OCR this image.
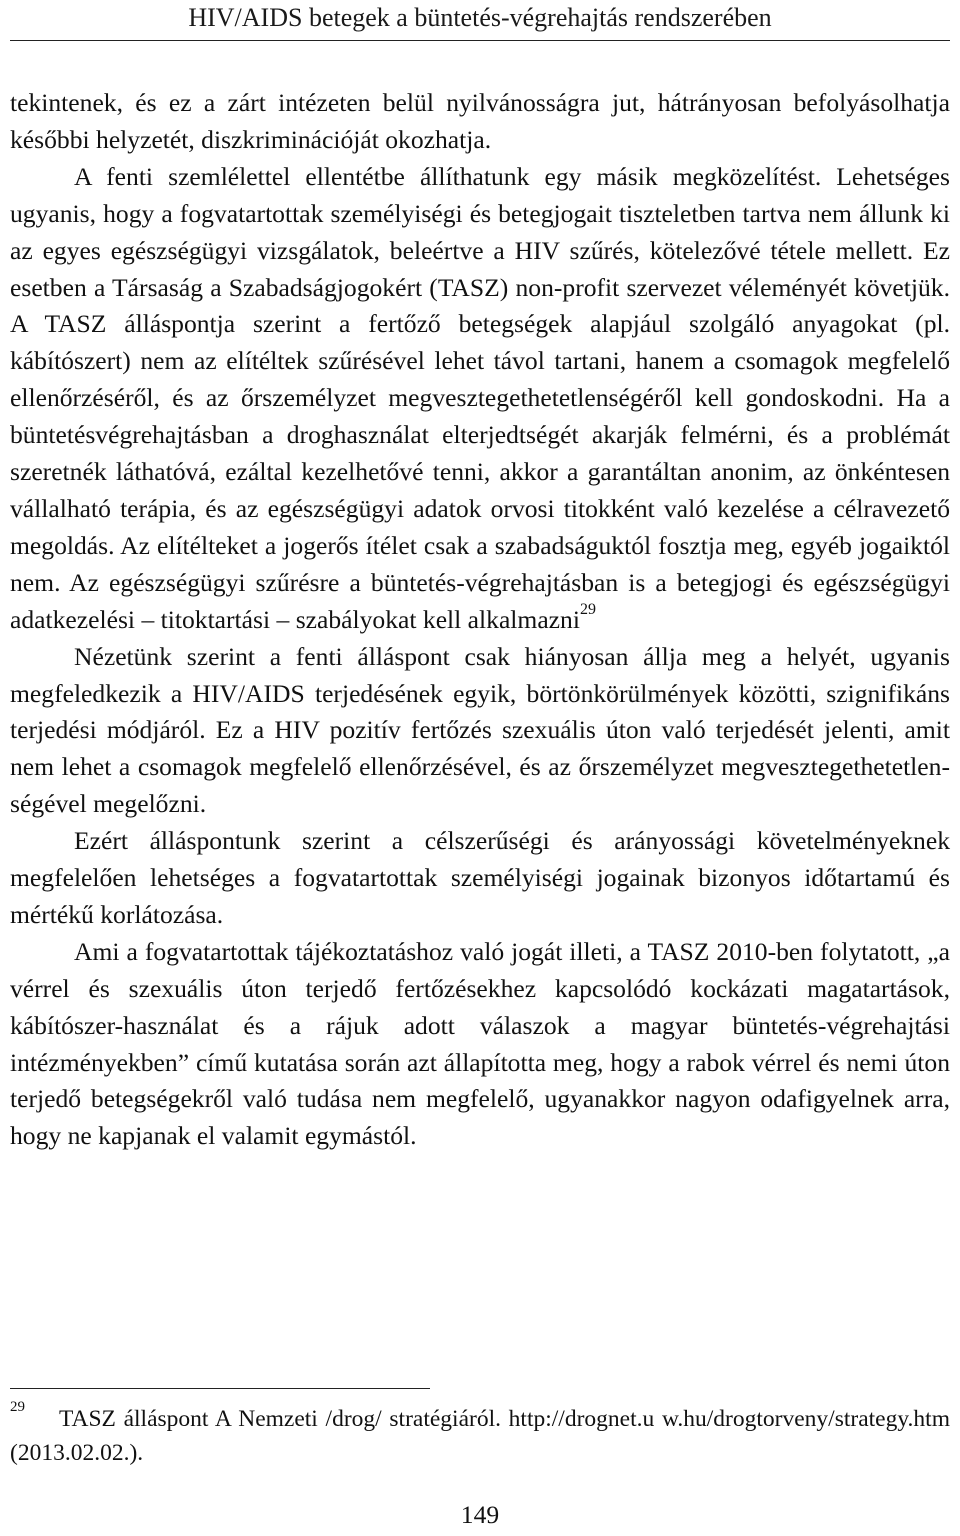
HIV/AIDS betegek a büntetés-végrehajtás rendszerében

tekintenek, és ez a zárt intézeten belül nyilvánosságra jut, hátrányosan befolyásolhatja későbbi helyzetét, diszkriminációját okozhatja.

A fenti szemlélettel ellentétbe állíthatunk egy másik megközelítést. Lehetséges ugyanis, hogy a fogvatartottak személyiségi és betegjogait tiszteletben tartva nem állunk ki az egyes egészségügyi vizsgálatok, beleértve a HIV szűrés, kötelezővé tétele mellett. Ez esetben a Társaság a Szabadságjogokért (TASZ) non-profit szervezet véleményét követjük. A TASZ álláspontja szerint a fertőző betegségek alapjául szolgáló anyagokat (pl. kábítószert) nem az elítéltek szűrésével lehet távol tartani, hanem a csomagok megfelelő ellenőrzéséről, és az őrszemélyzet megvesztegethetetlenségéről kell gondoskodni. Ha a büntetésvégrehajtásban a droghasználat elterjedtségét akarják felmérni, és a problémát szeretnék láthatóvá, ezáltal kezelhetővé tenni, akkor a garantáltan anonim, az önkéntesen vállalható terápia, és az egészségügyi adatok orvosi titokként való kezelése a célravezető megoldás. Az elítélteket a jogerős ítélet csak a szabadságuktól fosztja meg, egyéb jogaiktól nem. Az egészségügyi szűrésre a büntetés-végrehajtásban is a betegjogi és egészségügyi adatkezelési – titoktartási – szabályokat kell alkalmazni$^{29}$

Nézetünk szerint a fenti álláspont csak hiányosan állja meg a helyét, ugyanis megfeledkezik a HIV/AIDS terjedésének egyik, börtönkörülmények közötti, szignifikáns terjedési módjáról. Ez a HIV pozitív fertőzés szexuális úton való terjedését jelenti, amit nem lehet a csomagok megfelelő ellenőrzésével, és az őrszemélyzet megvesztegethetetlenségével megelőzni.

Ezért álláspontunk szerint a célszerűségi és arányossági követelményeknek megfelelően lehetséges a fogvatartottak személyiségi jogainak bizonyos időtartamú és mértékű korlátozása.

Ami a fogvatartottak tájékoztatáshoz való jogát illeti, a TASZ 2010-ben folytatott, „a vérrel és szexuális úton terjedő fertőzésekhez kapcsolódó kockázati magatartások, kábítószer-használat és a rájuk adott válaszok a magyar büntetés-végrehajtási intézményekben” című kutatása során azt állapította meg, hogy a rabok vérrel és nemi úton terjedő betegségekről való tudása nem megfelelő, ugyanakkor nagyon odafigyelnek arra, hogy ne kapjanak el valamit egymástól.

$^{29}$ TASZ álláspont A Nemzeti /drog/ stratégiáról. http://drognet.u w.hu/drogtorveny/strategy.htm (2013.02.02.).

149
